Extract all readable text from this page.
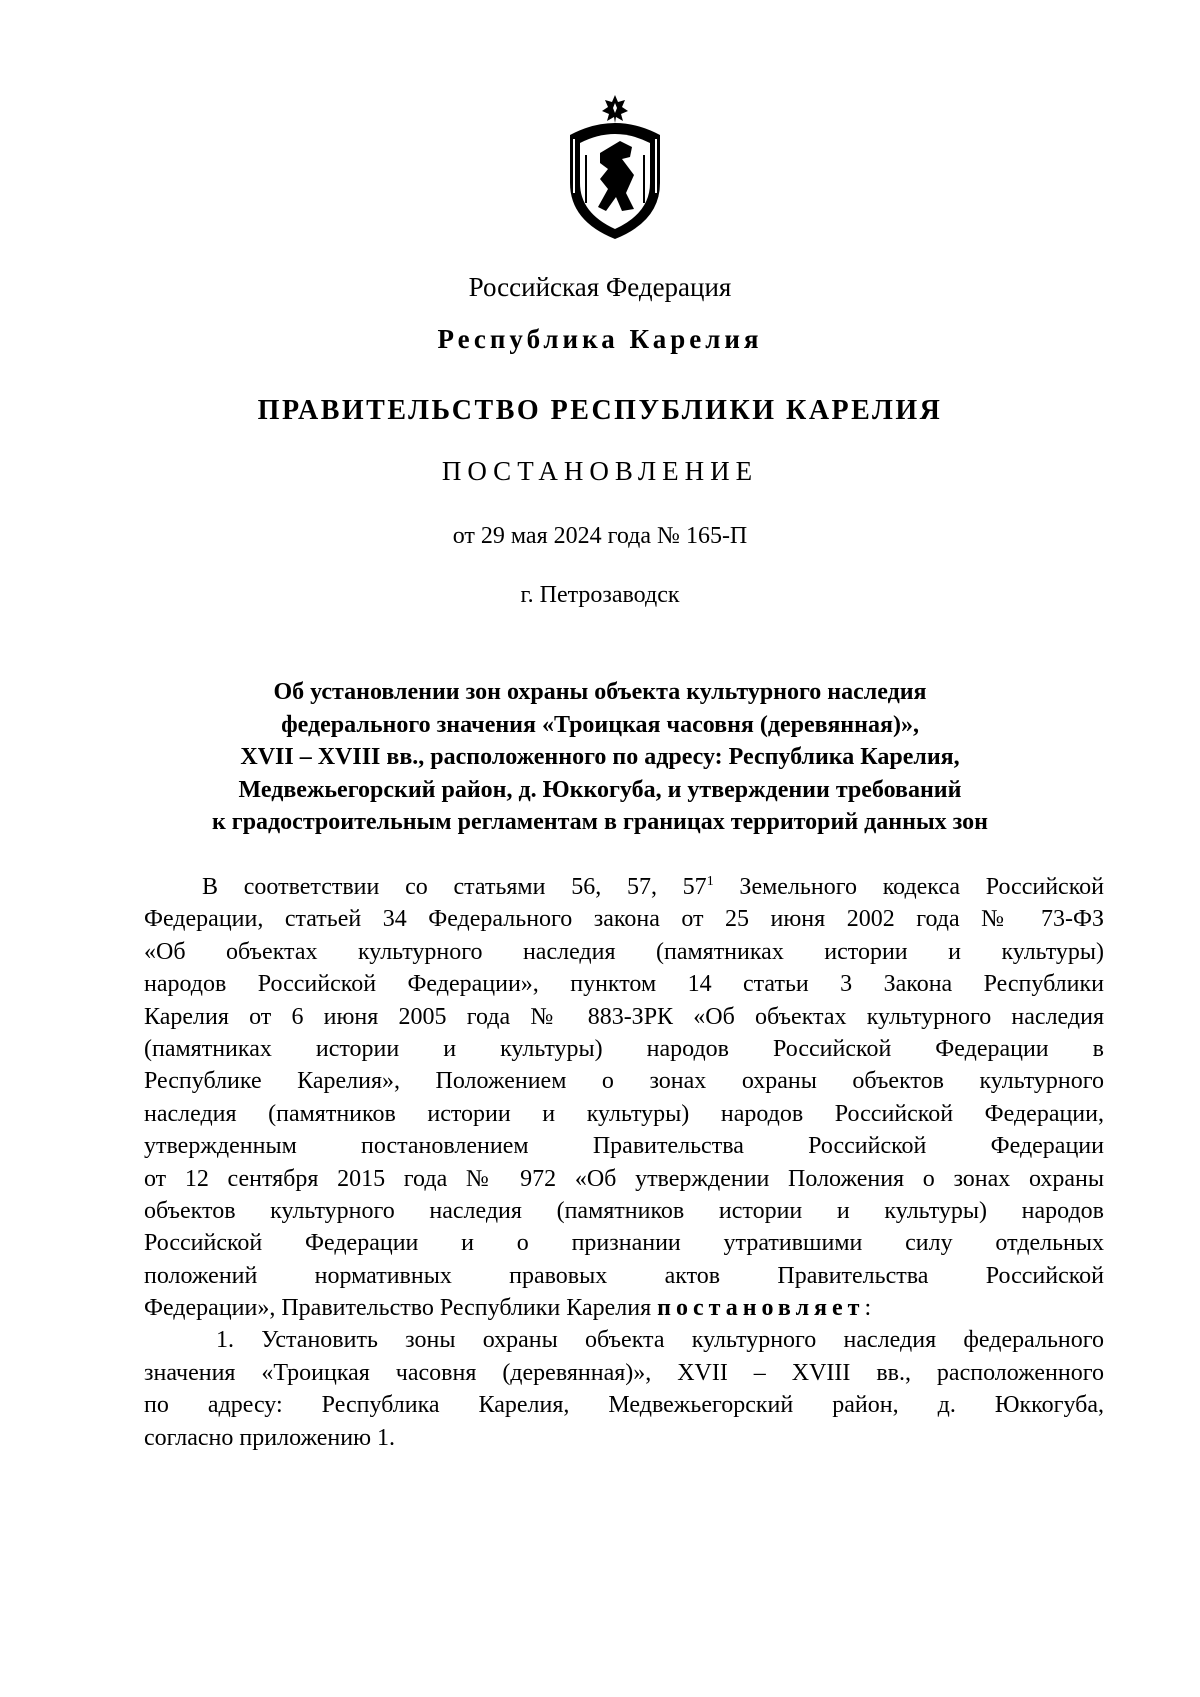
Российская Федерация
Республика Карелия
ПРАВИТЕЛЬСТВО РЕСПУБЛИКИ КАРЕЛИЯ
ПОСТАНОВЛЕНИЕ
от 29 мая 2024 года № 165-П
г. Петрозаводск
Об установлении зон охраны объекта культурного наследия
федерального значения «Троицкая часовня (деревянная)»,
XVII – XVIII вв., расположенного по адресу: Республика Карелия,
Медвежьегорский район, д. Юккогуба, и утверждении требований
к градостроительным регламентам в границах территорий данных зон
В соответствии со статьями 56, 57, $57^1$ Земельного кодекса Российской
Федерации, статьей 34 Федерального закона от 25 июня 2002 года № 73-ФЗ
«Об объектах культурного наследия (памятниках истории и культуры)
народов Российской Федерации», пунктом 14 статьи 3 Закона Республики
Карелия от 6 июня 2005 года № 883-ЗРК «Об объектах культурного наследия
(памятниках истории и культуры) народов Российской Федерации в
Республике Карелия», Положением о зонах охраны объектов культурного
наследия (памятников истории и культуры) народов Российской Федерации,
утвержденным постановлением Правительства Российской Федерации
от 12 сентября 2015 года № 972 «Об утверждении Положения о зонах охраны
объектов культурного наследия (памятников истории и культуры) народов
Российской Федерации и о признании утратившими силу отдельных
положений нормативных правовых актов Правительства Российской
Федерации», Правительство Республики Карелия постановляет:
1. Установить зоны охраны объекта культурного наследия федерального
значения «Троицкая часовня (деревянная)», XVII – XVIII вв., расположенного
по адресу: Республика Карелия, Медвежьегорский район, д. Юккогуба,
согласно приложению 1.
